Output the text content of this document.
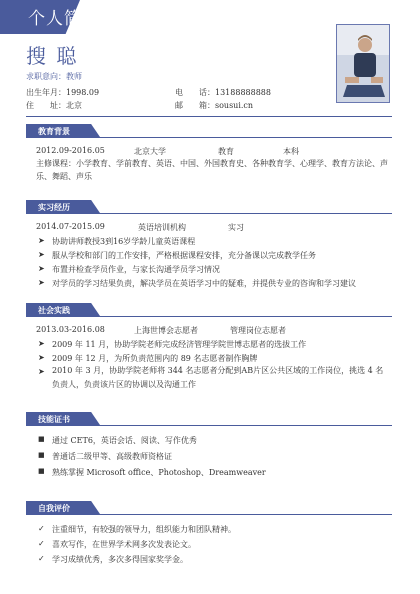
个人简历
搜 聪
求职意向：教师
出生年月：1998.09	电　　话：13188888888
住　　址：北京	邮　　箱：sousui.cn
教育背景
2012.09-2016.05	北京大学	教育	本科
主修课程：小学教育、学前教育、英语、中国、外国教育史、各种教育学、心理学、教育方法论、声乐、舞蹈、声乐
实习经历
2014.07-2015.09	英语培训机构	实习
➤ 协助讲师教授3到16岁学龄儿童英语课程
➤ 服从学校和部门的工作安排，严格根据课程安排，充分备课以完成教学任务
➤ 布置并检查学员作业，与家长沟通学员学习情况
➤ 对学员的学习结果负责，解决学员在英语学习中的疑难，并提供专业的咨询和学习建议
社会实践
2013.03-2016.08	上海世博会志愿者	管理岗位志愿者
➤ 2009 年 11 月，协助学院老师完成经济管理学院世博志愿者的选拔工作
➤ 2009 年 12 月，为所负责范围内的 89 名志愿者制作胸牌
➤ 2010 年 3 月，协助学院老师将 344 名志愿者分配到AB片区公共区域的工作岗位，挑选 4 名负责人，负责该片区的协调以及沟通工作
技能证书
■ 通过 CET6，英语会话、阅读、写作优秀
■ 普通话二级甲等、高级教师资格证
■ 熟练掌握 Microsoft office、Photoshop、Dreamweaver
自我评价
✓ 注重细节，有较强的领导力，组织能力和团队精神。
✓ 喜欢写作，在世界学术网多次发表论文。
✓ 学习成绩优秀，多次多得国家奖学金。
